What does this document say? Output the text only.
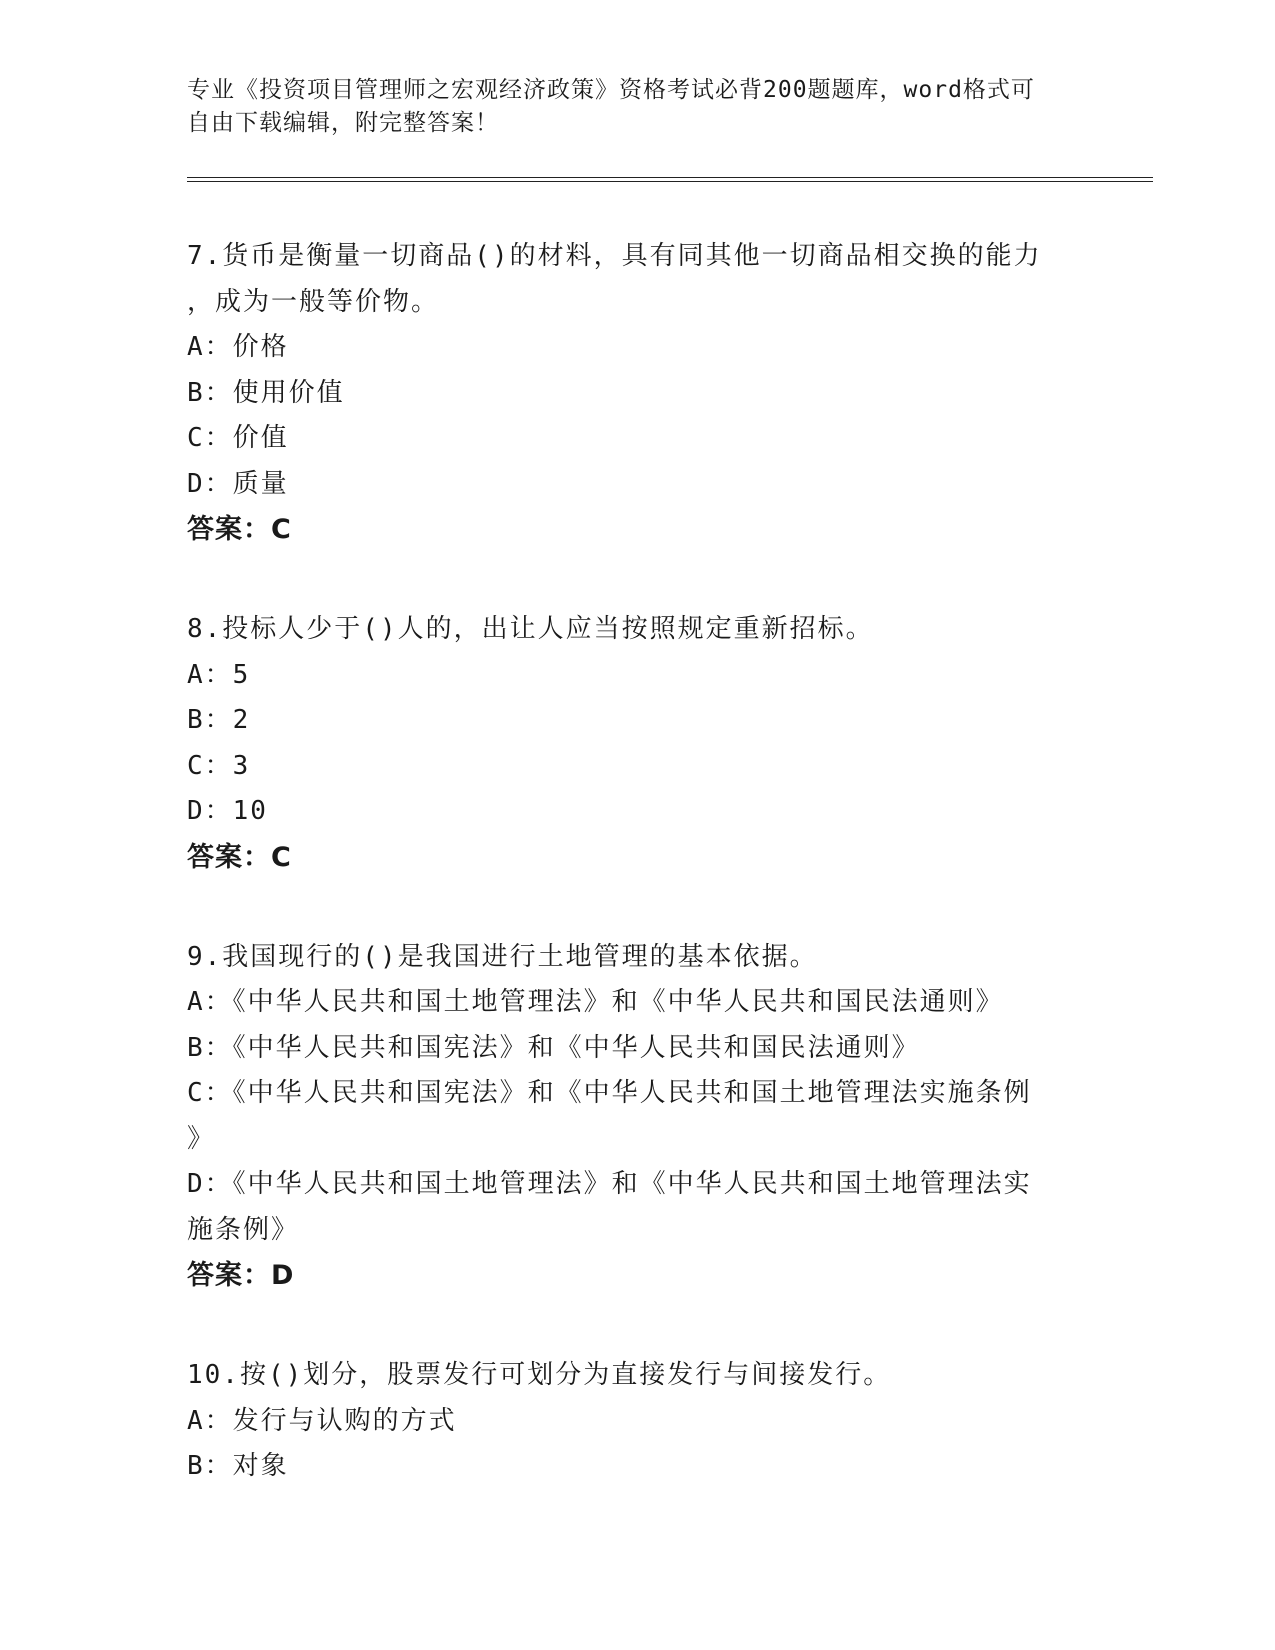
专业《投资项目管理师之宏观经济政策》资格考试必背200题题库，word格式可
自由下载编辑，附完整答案！
7.货币是衡量一切商品()的材料，具有同其他一切商品相交换的能力
，成为一般等价物。
A：价格
B：使用价值
C：价值
D：质量
答案：C
8.投标人少于()人的，出让人应当按照规定重新招标。
A：5
B：2
C：3
D：10
答案：C
9.我国现行的()是我国进行土地管理的基本依据。
A：《中华人民共和国土地管理法》和《中华人民共和国民法通则》
B：《中华人民共和国宪法》和《中华人民共和国民法通则》
C：《中华人民共和国宪法》和《中华人民共和国土地管理法实施条例
》
D：《中华人民共和国土地管理法》和《中华人民共和国土地管理法实
施条例》
答案：D
10.按()划分，股票发行可划分为直接发行与间接发行。
A：发行与认购的方式
B：对象
